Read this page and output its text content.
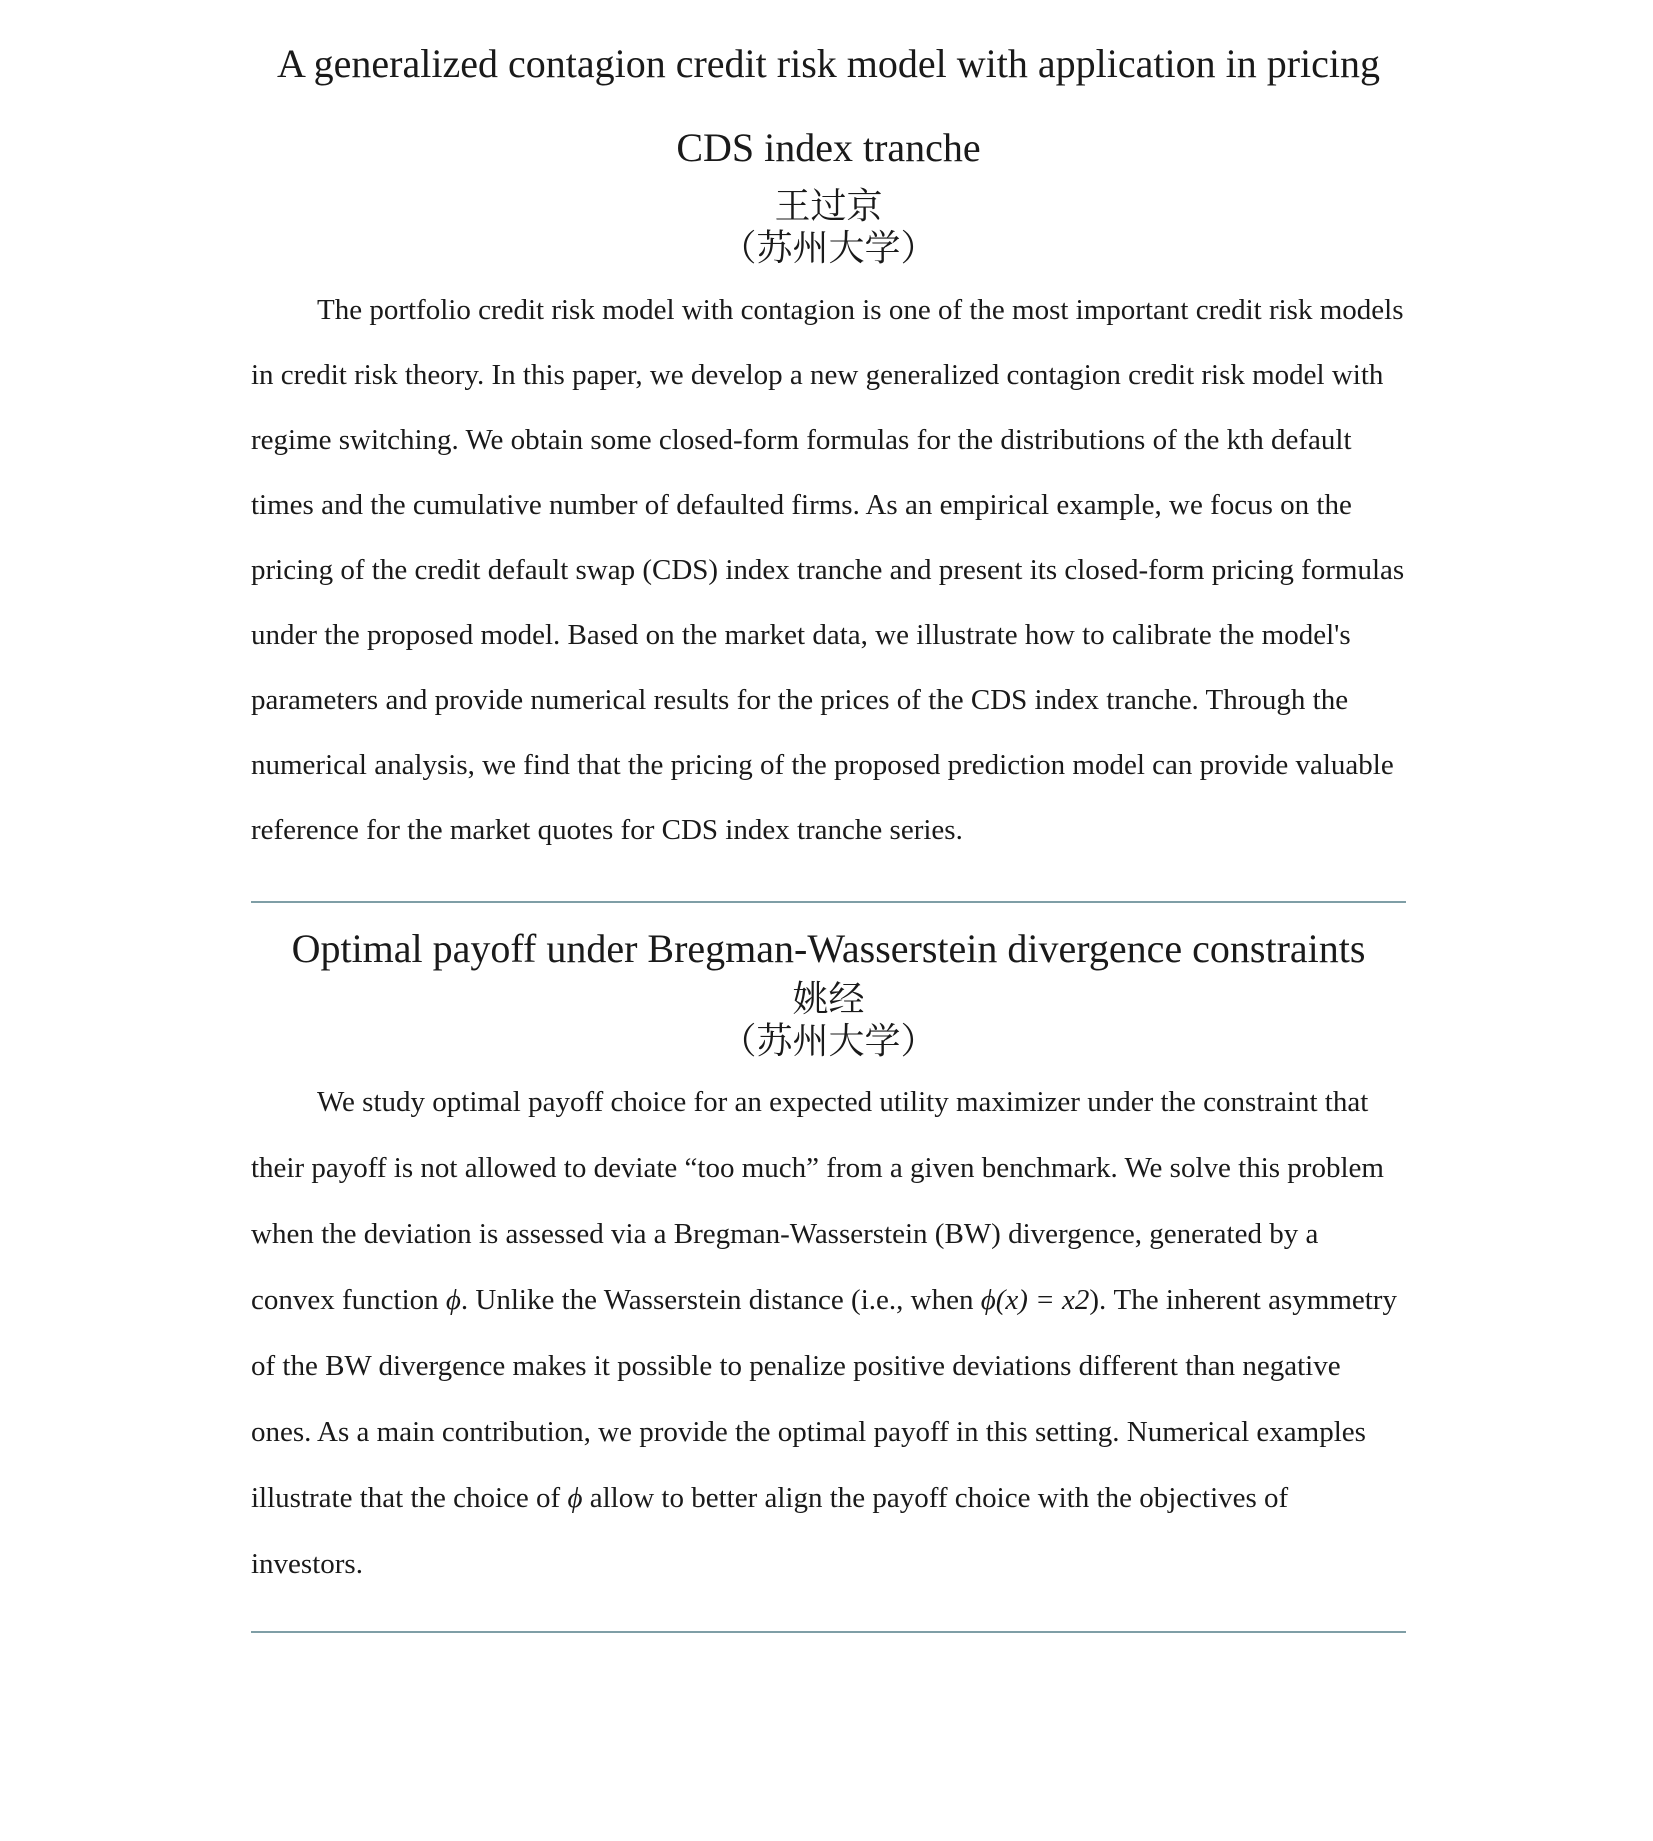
A generalized contagion credit risk model with application in pricing
CDS index tranche

王过京

（苏州大学）

The portfolio credit risk model with contagion is one of the most important credit risk models in credit risk theory. In this paper, we develop a new generalized contagion credit risk model with regime switching. We obtain some closed-form formulas for the distributions of the kth default times and the cumulative number of defaulted firms. As an empirical example, we focus on the pricing of the credit default swap (CDS) index tranche and present its closed-form pricing formulas under the proposed model. Based on the market data, we illustrate how to calibrate the model's parameters and provide numerical results for the prices of the CDS index tranche. Through the numerical analysis, we find that the pricing of the proposed prediction model can provide valuable reference for the market quotes for CDS index tranche series.

Optimal payoff under Bregman-Wasserstein divergence constraints

姚经

（苏州大学）

We study optimal payoff choice for an expected utility maximizer under the constraint that their payoff is not allowed to deviate “too much” from a given benchmark. We solve this problem when the deviation is assessed via a Bregman-Wasserstein (BW) divergence, generated by a convex function ϕ. Unlike the Wasserstein distance (i.e., when ϕ(x) = x2). The inherent asymmetry of the BW divergence makes it possible to penalize positive deviations different than negative ones. As a main contribution, we provide the optimal payoff in this setting. Numerical examples illustrate that the choice of ϕ allow to better align the payoff choice with the objectives of investors.
